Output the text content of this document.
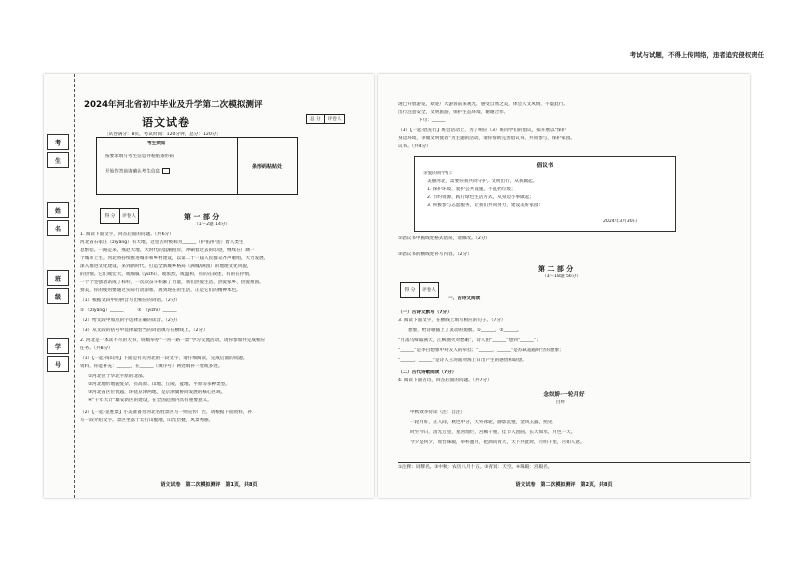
考试与试题，不得上传网络，违者追究侵权责任
考
生
姓
名
班
级
学
号
2024年河北省初中毕业及升学第二次模拟测评
语文试卷	总 分	评卷人
［试卷满分：8页，考试时间：120分钟，总分：120分］
考生须知
按要求填写考生信息并粘贴条形码
开始作答前请确认考生信息
条形码粘贴处
得 分	评卷人	第 一 部 分
（1～2题 14分）
1. 阅读下面文字，回答后面的问题。（共6分）
河北省石家庄（zǐyǎng）有大地，这里古时被称为______（护佑/护送）着人类生
息繁衍。一路走来，燕赵大地，大时代的浪潮拍岸，冲刷着过去的印迹，继续在广阔一
个城市上生。河北将持续推进城市和乡村建设，以第二十一届人民群众齐声歌唱，大力发展，
深入推进文化建设，来到新时代，打造全新城乡格局（满城/满园）的地理文化风貌，
的热情。它们或宏大，或细腻（yīzhì），或浓烈，或温和，有的在叙述，有的在抒情，
一个个坚强者站成了标杆，一次次奋斗积累了力量，我们热爱生活、热爱家乡、热爱祖国。
赞美，你的使用要通过实际行动添加，再到现在的生活，正是它们的精神本色。
（1）根据文段中的拼音写出相应的词语。（2分）
① （zǐyǎng）______　　　② （yīzhì）______
（2）给文段中加点的字选择正确的读音。（2分）
（3）从文段的括号中选择最恰当的词语填写在横线上。（2分）
2. 河北是一本读不尽的大书，班级举办“一河一路一景”学习交流活动，请你参加并完成相应
任务。（共8分）
（1）【一起·闯山河】下面是有关河北的一段文字，请仔细阅读，完成后面的问题。
资料，你能补充：______，在______（填序号）两处填补一处或多处。
①河北位于华北平原的北部。
②河北地形地貌复杂，有高原、山地、丘陵、盆地、平原等多种类型。
③河北省区位优越，环绕京津两地，是京津冀协同发展的核心区域。
④“千年大计”雄安新区的建设，在全国范围内具有重要意义。
（2）【一起·觅胜景】小美准备为河北名胜景区写一则宣传广告，请根据下面资料，补
写一段介绍文字。景区坐落于太行山腹地，山峦层叠，风景秀丽。
语文试卷　第二次模拟测评　第1页，共8页
现已开放游览，欢迎广大游客前来观光，感受自然之美，体会人文风情，不虚此行。
出行注意安全，文明旅游，保护生态环境，谢谢合作。
下句：______
（3）【一起·倡先行】班会活动上，为了响应（3）班同学们的倡议，拟开展以“保护
身边环境，争做文明使者”为主题的活动，请你帮助完善倡议书，共同参与，保护家园。
议书。（共4分）
倡议书
亲爱的同学们：
美丽河北，需要你我共同守护。文明出行，从我做起。
1. 保护环境，爱护公共设施，不乱扔垃圾；
2. 节约资源，践行绿色生活方式，从身边小事做起；
3. 积极参与志愿服务，让我们共同努力，建设美好家园！
2024年3月30日
①倡议书中画线处格式错误，请修改。（2分）
②倡议书的横线处补写内容。（2分）
第 二 部 分
（3～18题 56分）
得 分	评卷人
一、古诗文阅读
（一）古诗文默写（7分）
3. 阅读下面文字，在横线上填写相应的句子。（7分）
想象，给诗歌插上了灵动的翅膀。①______，②______。
“月落乌啼霜满天，江枫渔火对愁眠”，诗人由“______”想到“______”；
“______”是李白想象中对友人的牵挂；“______，______”是苏轼超越时空的想象；
“______，______”是诗人王湾面对海上日出产生的感悟和联想。
（二）古代诗歌阅读（7分）
4. 阅读下面古诗，回答后面的问题。（共7分）
念奴娇·一轮月好
白朴
中秋效李侍读（注：自注）
一轮月好，正人间，秋色中分，天外冰轮，静影沉璧，金风玉露，照见
时至今日，清光万里，星河灿烂，宫阙千重，佳节人团圆，长天如水，月色一天。
今夕是何夕，瑶台珠殿，举杯邀月，把酒问青天，天下共此时，月明千里，月如人意。
①注释：词牌名。②中秋：农历八月十五。③青冥：天空。④珠殿：宫殿名。
语文试卷　第二次模拟测评　第2页，共8页
